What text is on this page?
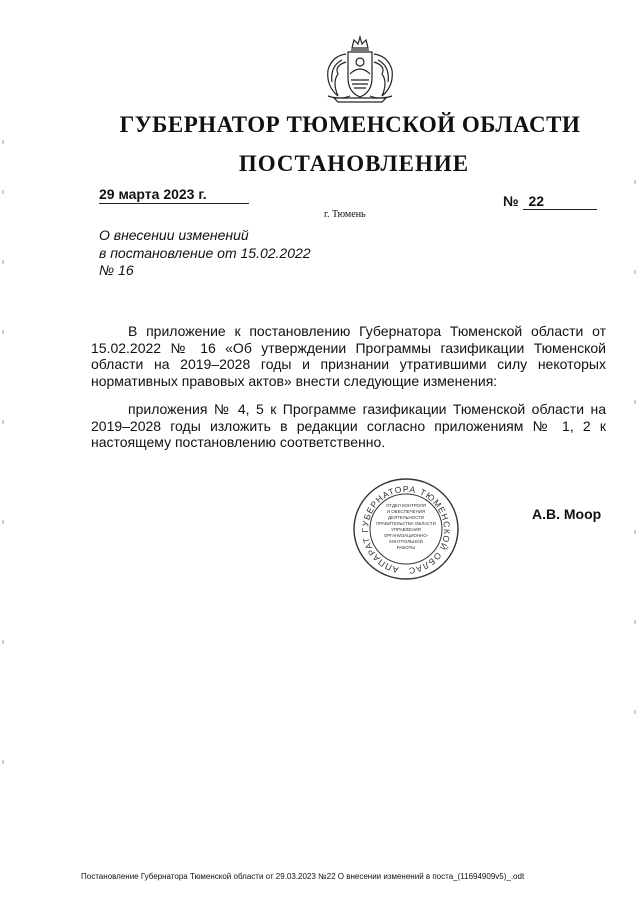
ГУБЕРНАТОР ТЮМЕНСКОЙ ОБЛАСТИ
ПОСТАНОВЛЕНИЕ
29 марта 2023 г.	№ 22
г. Тюмень
О внесении изменений
в постановление от 15.02.2022
№ 16

В приложение к постановлению Губернатора Тюменской области от 15.02.2022 № 16 «Об утверждении Программы газификации Тюменской области на 2019–2028 годы и признании утратившими силу некоторых нормативных правовых актов» внести следующие изменения:

приложения № 4, 5 к Программе газификации Тюменской области на 2019–2028 годы изложить в редакции согласно приложениям № 1, 2 к настоящему постановлению соответственно.

АППАРАТ ГУБЕРНАТОРА ТЮМЕНСКОЙ ОБЛАС
ОТДЕЛ КОНТРОЛЯ
И ОБЕСПЕЧЕНИЯ
ДЕЯТЕЛЬНОСТИ
ПРАВИТЕЛЬСТВА ОБЛАСТИ
УПРАВЛЕНИЯ
ОРГАНИЗАЦИОННО-
КОНТРОЛЬНОЙ
РАБОТЫ
А.В. Моор
Постановление Губернатора Тюменской области от 29.03.2023 №22 О внесении изменений в поста_(11694909v5)_.odt
